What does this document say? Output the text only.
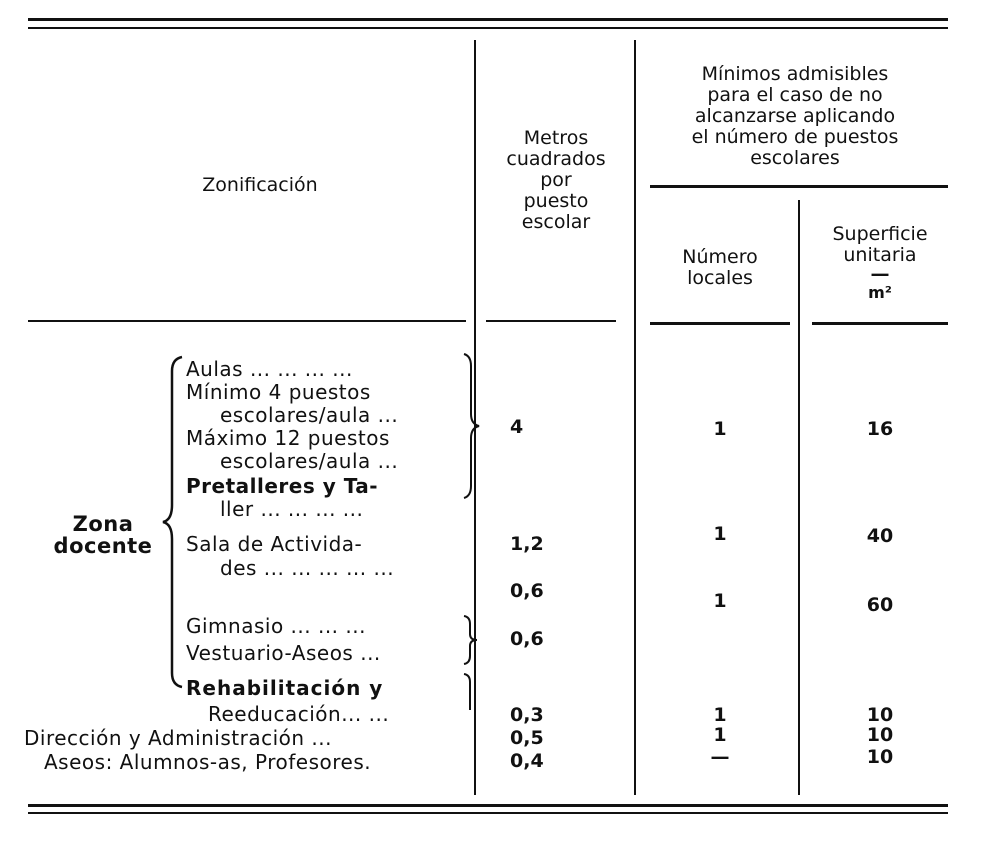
Zonificación
Metros
cuadrados
por
puesto
escolar
Mínimos admisibles
para el caso de no
alcanzarse aplicando
el número de puestos
escolares
Número
locales
Superficie
unitaria
—
m²
Zona
docente
Aulas ... ... ... ...
Mínimo 4 puestos
escolares/aula ...
Máximo 12 puestos
escolares/aula ...
Pretalleres y Ta-
ller ... ... ... ...
Sala de Activida-
des ... ... ... ... ...
Gimnasio ... ... ...
Vestuario-Aseos ...
Rehabilitación y
Reeducación... ...
Dirección y Administración ...
Aseos: Alumnos-as, Profesores.
4
1,2
0,6
0,6
0,3
0,5
0,4
1
1
1
1
1
—
16
40
60
10
10
10
